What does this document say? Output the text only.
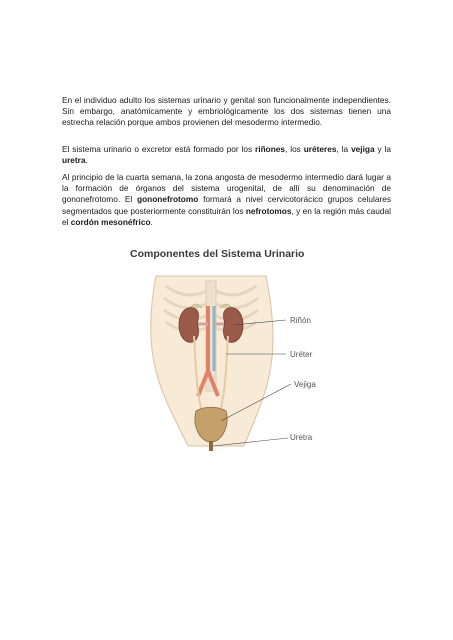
En el individuo adulto los sistemas urinario y genital son funcionalmente independientes. Sin embargo, anatómicamente y embriológicamente los dos sistemas tienen una estrecha relación porque ambos provienen del mesodermo intermedio.

El sistema urinario o excretor está formado por los riñones, los uréteres, la vejiga y la uretra.

Al principio de la cuarta semana, la zona angosta de mesodermo intermedio dará lugar a la formación de órganos del sistema urogenital, de allí su denominación de gononefrotomo. El gononefrotomo formará a nivel cervicotorácico grupos celulares segmentados que posteriormente constituirán los nefrotomos, y en la región más caudal el cordón mesonéfrico.

Componentes del Sistema Urinario
Riñón
Uréter
Vejiga
Uretra
